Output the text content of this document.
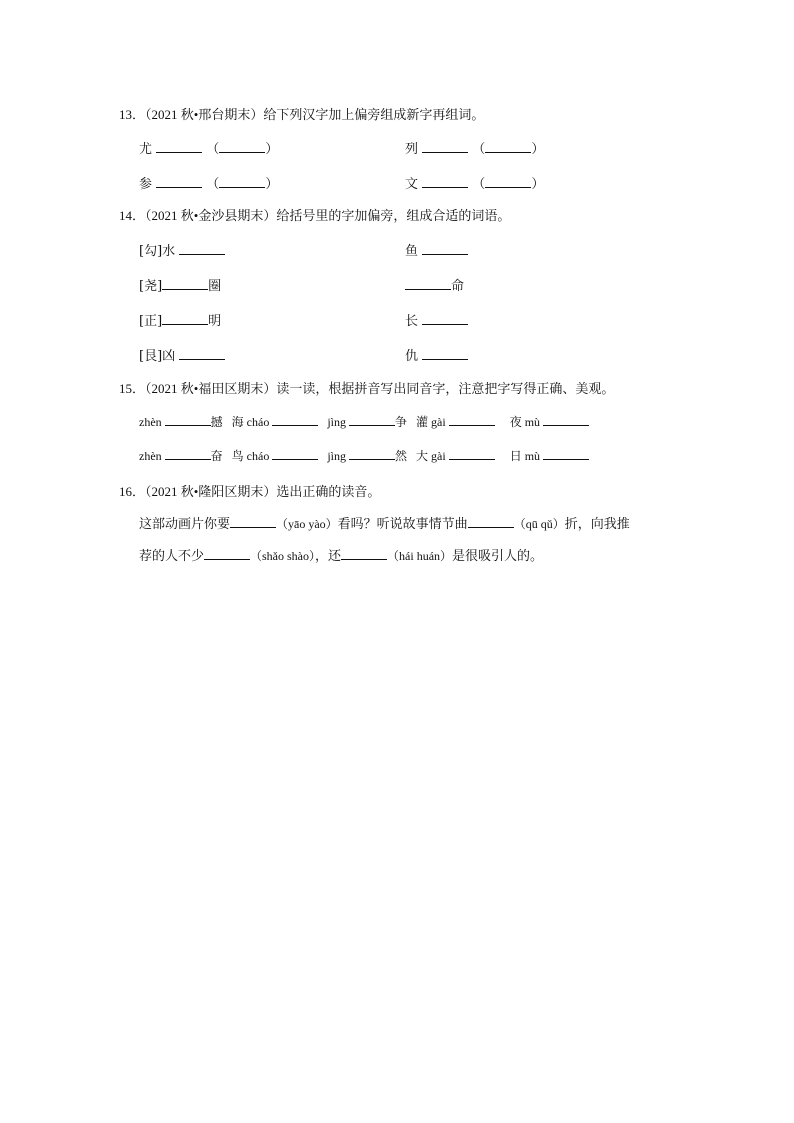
13．（2021 秋•邢台期末）给下列汉字加上偏旁组成新字再组词。
尤	（	）	列	（	）
参	（	）	文	（	）
14．（2021 秋•金沙县期末）给括号里的字加偏旁，组成合适的词语。
[勾]水	鱼
[尧]	圈	命
[正]	明	长
[艮]凶	仇
15．（2021 秋•福田区期末）读一读，根据拼音写出同音字，注意把字写得正确、美观。
zhèn	撼 海 cháo	jìng	争 灌 gài	夜 mù
zhèn	奋 鸟 cháo	jìng	然 大 gài	日 mù
16．（2021 秋•隆阳区期末）选出正确的读音。
这部动画片你要	（yāo yào）看吗？听说故事情节曲	（qū qǔ）折，向我推
荐的人不少	（shǎo shào），还	（hái huán）是很吸引人的。
